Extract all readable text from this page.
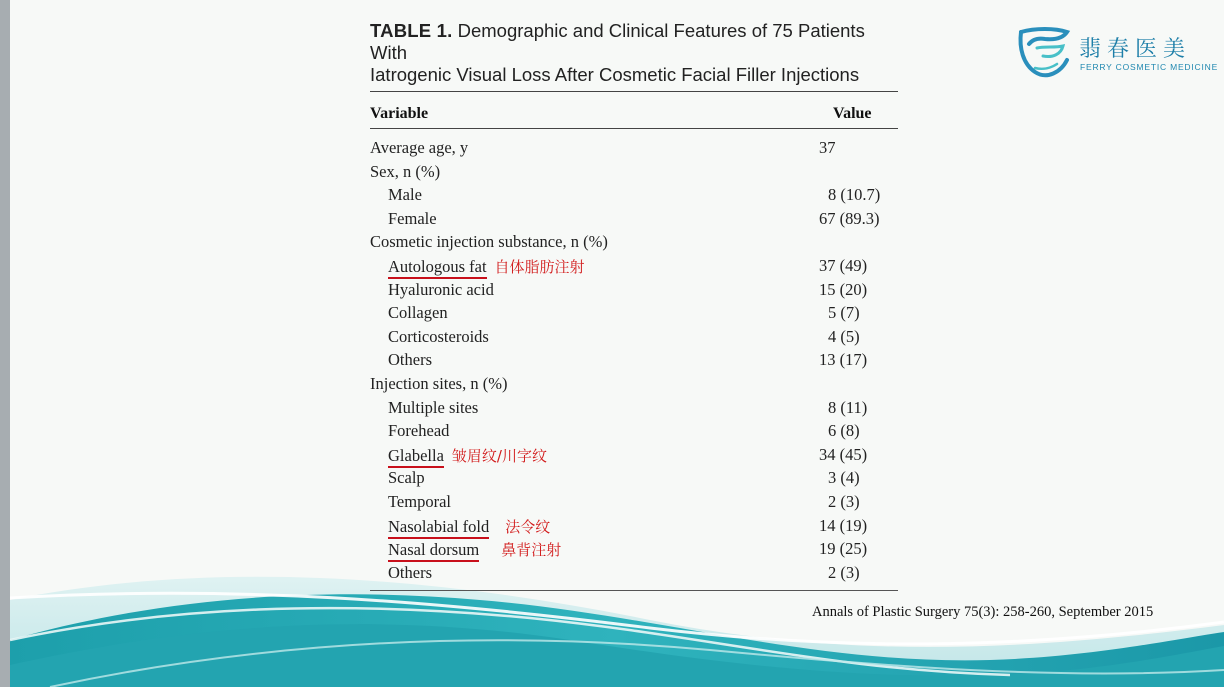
翡春医美
FERRY COSMETIC MEDICINE
TABLE 1. Demographic and Clinical Features of 75 Patients With
Iatrogenic Visual Loss After Cosmetic Facial Filler Injections
Variable	Value
Average age, y	37
Sex, n (%)
Male	8 (10.7)
Female	67 (89.3)
Cosmetic injection substance, n (%)
Autologous fat 自体脂肪注射	37 (49)
Hyaluronic acid	15 (20)
Collagen	5 (7)
Corticosteroids	4 (5)
Others	13 (17)
Injection sites, n (%)
Multiple sites	8 (11)
Forehead	6 (8)
Glabella 皱眉纹/川字纹	34 (45)
Scalp	3 (4)
Temporal	2 (3)
Nasolabial fold 法令纹	14 (19)
Nasal dorsum 鼻背注射	19 (25)
Others	2 (3)
Annals of Plastic Surgery 75(3): 258-260, September 2015
